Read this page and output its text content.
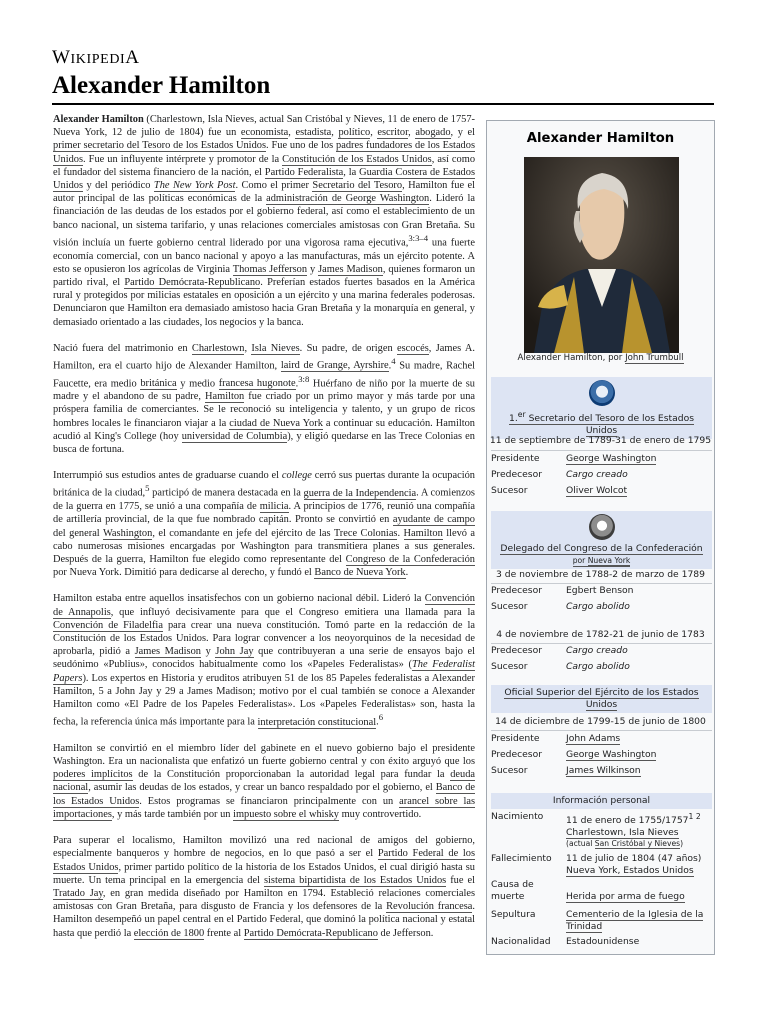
WIKIPEDIA
Alexander Hamilton

Alexander Hamilton (Charlestown, Isla Nieves, actual San Cristóbal y Nieves, 11 de enero de 1757-Nueva York, 12 de julio de 1804) fue un economista, estadista, político, escritor, abogado, y el primer secretario del Tesoro de los Estados Unidos. Fue uno de los padres fundadores de los Estados Unidos. Fue un influyente intérprete y promotor de la Constitución de los Estados Unidos, así como el fundador del sistema financiero de la nación, el Partido Federalista, la Guardia Costera de Estados Unidos y del periódico The New York Post. Como el primer Secretario del Tesoro, Hamilton fue el autor principal de las políticas económicas de la administración de George Washington. Lideró la financiación de las deudas de los estados por el gobierno federal, así como el establecimiento de un banco nacional, un sistema tarifario, y unas relaciones comerciales amistosas con Gran Bretaña. Su visión incluía un fuerte gobierno central liderado por una vigorosa rama ejecutiva,$^{3:3-4}$ una fuerte economía comercial, con un banco nacional y apoyo a las manufacturas, más un ejército potente. A esto se opusieron los agrícolas de Virginia Thomas Jefferson y James Madison, quienes formaron un partido rival, el Partido Demócrata-Republicano. Preferían estados fuertes basados en la América rural y protegidos por milicias estatales en oposición a un ejército y una marina federales poderosas. Denunciaron que Hamilton era demasiado amistoso hacia Gran Bretaña y la monarquía en general, y demasiado orientado a las ciudades, los negocios y la banca.

Nació fuera del matrimonio en Charlestown, Isla Nieves. Su padre, de origen escocés, James A. Hamilton, era el cuarto hijo de Alexander Hamilton, laird de Grange, Ayrshire.$^4$ Su madre, Rachel Faucette, era medio británica y medio francesa hugonote.$^{3:8}$ Huérfano de niño por la muerte de su madre y el abandono de su padre, Hamilton fue criado por un primo mayor y más tarde por una próspera familia de comerciantes. Se le reconoció su inteligencia y talento, y un grupo de ricos hombres locales le financiaron viajar a la ciudad de Nueva York a continuar su educación. Hamilton acudió al King's College (hoy universidad de Columbia), y eligió quedarse en las Trece Colonias en busca de fortuna.

Interrumpió sus estudios antes de graduarse cuando el college cerró sus puertas durante la ocupación británica de la ciudad,$^5$ participó de manera destacada en la guerra de la Independencia. A comienzos de la guerra en 1775, se unió a una compañía de milicia. A principios de 1776, reunió una compañía de artillería provincial, de la que fue nombrado capitán. Pronto se convirtió en ayudante de campo del general Washington, el comandante en jefe del ejército de las Trece Colonias. Hamilton llevó a cabo numerosas misiones encargadas por Washington para transmitiera planes a sus generales. Después de la guerra, Hamilton fue elegido como representante del Congreso de la Confederación por Nueva York. Dimitió para dedicarse al derecho, y fundó el Banco de Nueva York.

Hamilton estaba entre aquellos insatisfechos con un gobierno nacional débil. Lideró la Convención de Annapolis, que influyó decisivamente para que el Congreso emitiera una llamada para la Convención de Filadelfia para crear una nueva constitución. Tomó parte en la redacción de la Constitución de los Estados Unidos. Para lograr convencer a los neoyorquinos de la necesidad de aprobarla, pidió a James Madison y John Jay que contribuyeran a una serie de ensayos bajo el seudónimo «Publius», conocidos habitualmente como los «Papeles Federalistas» (The Federalist Papers). Los expertos en Historia y eruditos atribuyen 51 de los 85 Papeles federalistas a Alexander Hamilton, 5 a John Jay y 29 a James Madison; motivo por el cual también se conoce a Alexander Hamilton como «El Padre de los Papeles Federalistas». Los «Papeles Federalistas» son, hasta la fecha, la referencia única más importante para la interpretación constitucional.$^6$

Hamilton se convirtió en el miembro líder del gabinete en el nuevo gobierno bajo el presidente Washington. Era un nacionalista que enfatizó un fuerte gobierno central y con éxito arguyó que los poderes implícitos de la Constitución proporcionaban la autoridad legal para fundar la deuda nacional, asumir las deudas de los estados, y crear un banco respaldado por el gobierno, el Banco de los Estados Unidos. Estos programas se financiaron principalmente con un arancel sobre las importaciones, y más tarde también por un impuesto sobre el whisky muy controvertido.

Para superar el localismo, Hamilton movilizó una red nacional de amigos del gobierno, especialmente banqueros y hombre de negocios, en lo que pasó a ser el Partido Federal de los Estados Unidos, primer partido político de la historia de los Estados Unidos, el cual dirigió hasta su muerte. Un tema principal en la emergencia del sistema bipartidista de los Estados Unidos fue el Tratado Jay, en gran medida diseñado por Hamilton en 1794. Estableció relaciones comerciales amistosas con Gran Bretaña, para disgusto de Francia y los defensores de la Revolución francesa. Hamilton desempeñó un papel central en el Partido Federal, que dominó la política nacional y estatal hasta que perdió la elección de 1800 frente al Partido Demócrata-Republicano de Jefferson.

Alexander Hamilton
Alexander Hamilton, por John Trumbull
1.$^{er}$ Secretario del Tesoro de los Estados Unidos
11 de septiembre de 1789-31 de enero de 1795
Presidente	George Washington
Predecesor	Cargo creado
Sucesor	Oliver Wolcot
Delegado del Congreso de la Confederación
por Nueva York
3 de noviembre de 1788-2 de marzo de 1789
Predecesor	Egbert Benson
Sucesor	Cargo abolido
4 de noviembre de 1782-21 de junio de 1783
Predecesor	Cargo creado
Sucesor	Cargo abolido
Oficial Superior del Ejército de los Estados Unidos
14 de diciembre de 1799-15 de junio de 1800
Presidente	John Adams
Predecesor	George Washington
Sucesor	James Wilkinson
Información personal
Nacimiento	11 de enero de $1755/1757^{1 2}$
Charlestown, Isla Nieves
(actual San Cristóbal y Nieves)
Fallecimiento	11 de julio de 1804 (47 años)
Nueva York, Estados Unidos
Causa de muerte	Herida por arma de fuego
Sepultura	Cementerio de la Iglesia de la Trinidad
Nacionalidad	Estadounidense
